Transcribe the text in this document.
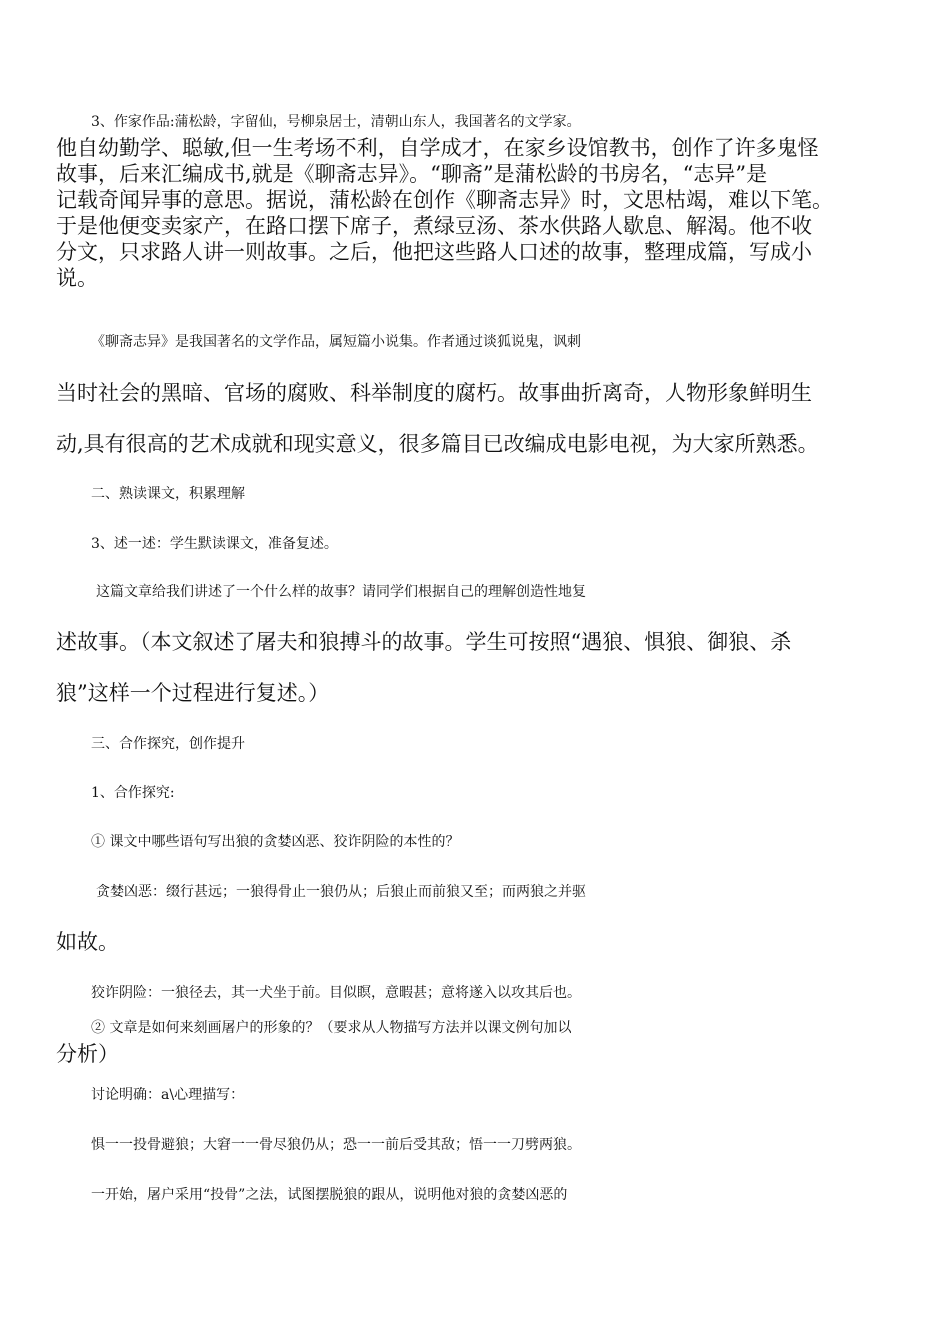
3、作家作品:蒲松龄，字留仙，号柳泉居士，清朝山东人，我国著名的文学家。
他自幼勤学、聪敏,但一生考场不利，自学成才，在家乡设馆教书，创作了许多鬼怪
故事，后来汇编成书,就是《聊斋志异》。“聊斋”是蒲松龄的书房名，“志异”是
记载奇闻异事的意思。据说，蒲松龄在创作《聊斋志异》时，文思枯竭，难以下笔。
于是他便变卖家产，在路口摆下席子，煮绿豆汤、茶水供路人歇息、解渴。他不收
分文，只求路人讲一则故事。之后，他把这些路人口述的故事，整理成篇，写成小
说。
《聊斋志异》是我国著名的文学作品，属短篇小说集。作者通过谈狐说鬼，讽刺
当时社会的黑暗、官场的腐败、科举制度的腐朽。故事曲折离奇，人物形象鲜明生
动,具有很高的艺术成就和现实意义，很多篇目已改编成电影电视，为大家所熟悉。
二、熟读课文，积累理解
3、述一述：学生默读课文，准备复述。
这篇文章给我们讲述了一个什么样的故事？请同学们根据自己的理解创造性地复
述故事。（本文叙述了屠夫和狼搏斗的故事。学生可按照“遇狼、惧狼、御狼、杀
狼”这样一个过程进行复述。）
三、合作探究，创作提升
1、合作探究:
① 课文中哪些语句写出狼的贪婪凶恶、狡诈阴险的本性的？
贪婪凶恶：缀行甚远；一狼得骨止一狼仍从；后狼止而前狼又至；而两狼之并驱
如故。
狡诈阴险：一狼径去，其一犬坐于前。目似瞑，意暇甚；意将遂入以攻其后也。
② 文章是如何来刻画屠户的形象的？（要求从人物描写方法并以课文例句加以
分析）
讨论明确：a\心理描写：
惧一一投骨避狼；大窘一一骨尽狼仍从；恐一一前后受其敌；悟一一刀劈两狼。
一开始，屠户采用“投骨”之法，试图摆脱狼的跟从，说明他对狼的贪婪凶恶的
